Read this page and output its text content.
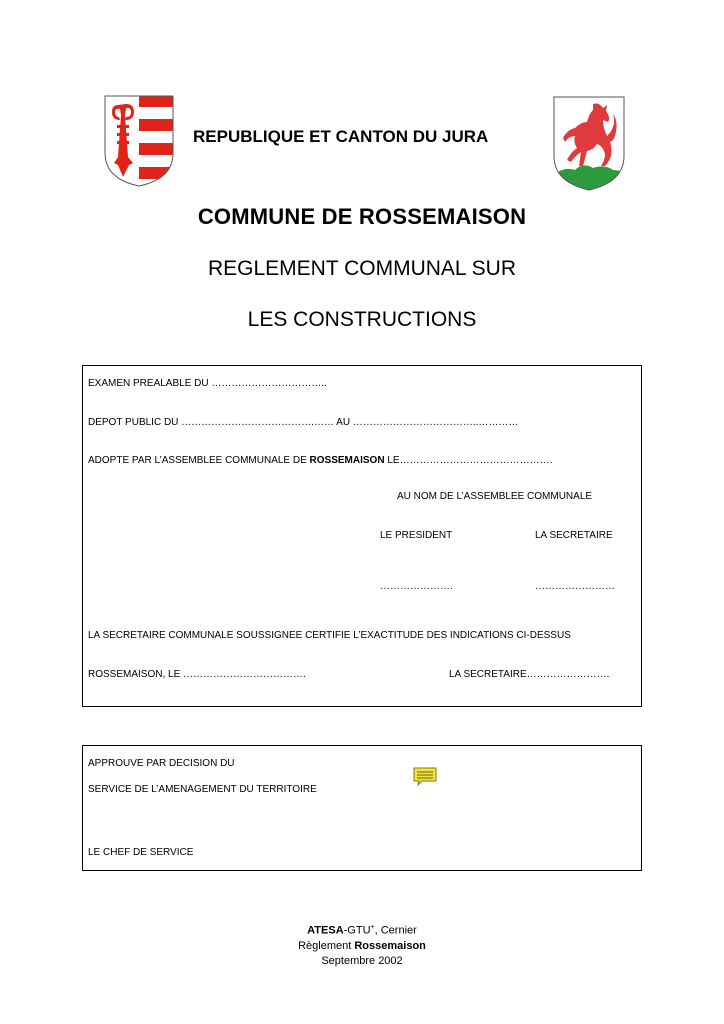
REPUBLIQUE ET CANTON DU JURA
COMMUNE DE ROSSEMAISON
REGLEMENT COMMUNAL SUR
LES CONSTRUCTIONS
EXAMEN PREALABLE DU ……………………………..
DEPOT PUBLIC DU ………………………………….…… AU ………………………………..…………
ADOPTE PAR L’ASSEMBLEE COMMUNALE DE ROSSEMAISON LE……………………………………….
AU NOM DE L’ASSEMBLEE COMMUNALE
LE PRESIDENT	LA SECRETAIRE
………………….	……………………
LA SECRETAIRE COMMUNALE SOUSSIGNEE CERTIFIE L’EXACTITUDE DES INDICATIONS CI-DESSUS
ROSSEMAISON, LE ……………………………….	LA SECRETAIRE…………………….
APPROUVE PAR DECISION DU
SERVICE DE L’AMENAGEMENT DU TERRITOIRE
LE CHEF DE SERVICE
ATESA-GTU+, Cernier
Règlement Rossemaison
Septembre 2002
